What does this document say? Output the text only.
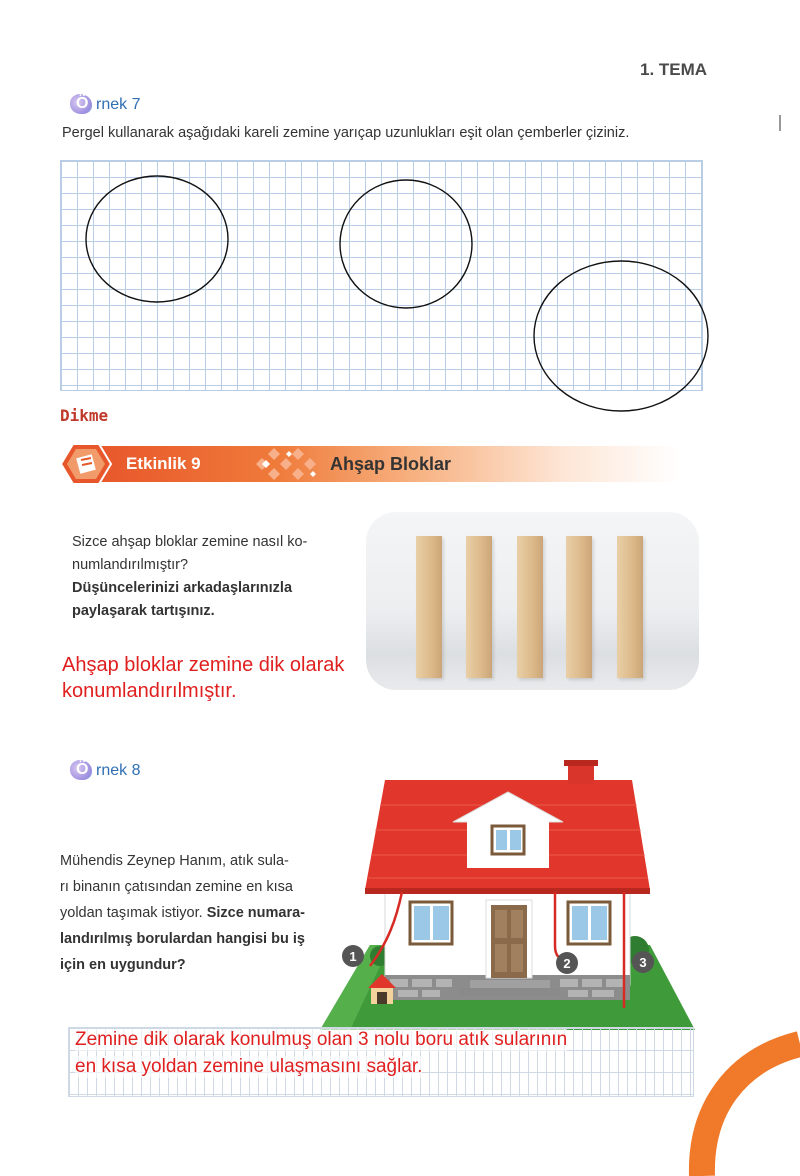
1. TEMA
Ö rnek 7
Pergel kullanarak aşağıdaki kareli zemine yarıçap uzunlukları eşit olan çemberler çiziniz.
Dikme
Etkinlik 9	Ahşap Bloklar
Sizce ahşap bloklar zemine nasıl ko-
numlandırılmıştır?
Düşüncelerinizi arkadaşlarınızla
paylaşarak tartışınız.
Ahşap bloklar zemine dik olarak
konumlandırılmıştır.
Ö rnek 8
Mühendis Zeynep Hanım, atık sula-
rı binanın çatısından zemine en kısa
yoldan taşımak istiyor. Sizce numara-
landırılmış borulardan hangisi bu iş
için en uygundur?
1	2	3
Zemine dik olarak konulmuş olan 3 nolu boru atık sularının
en kısa yoldan zemine ulaşmasını sağlar.
